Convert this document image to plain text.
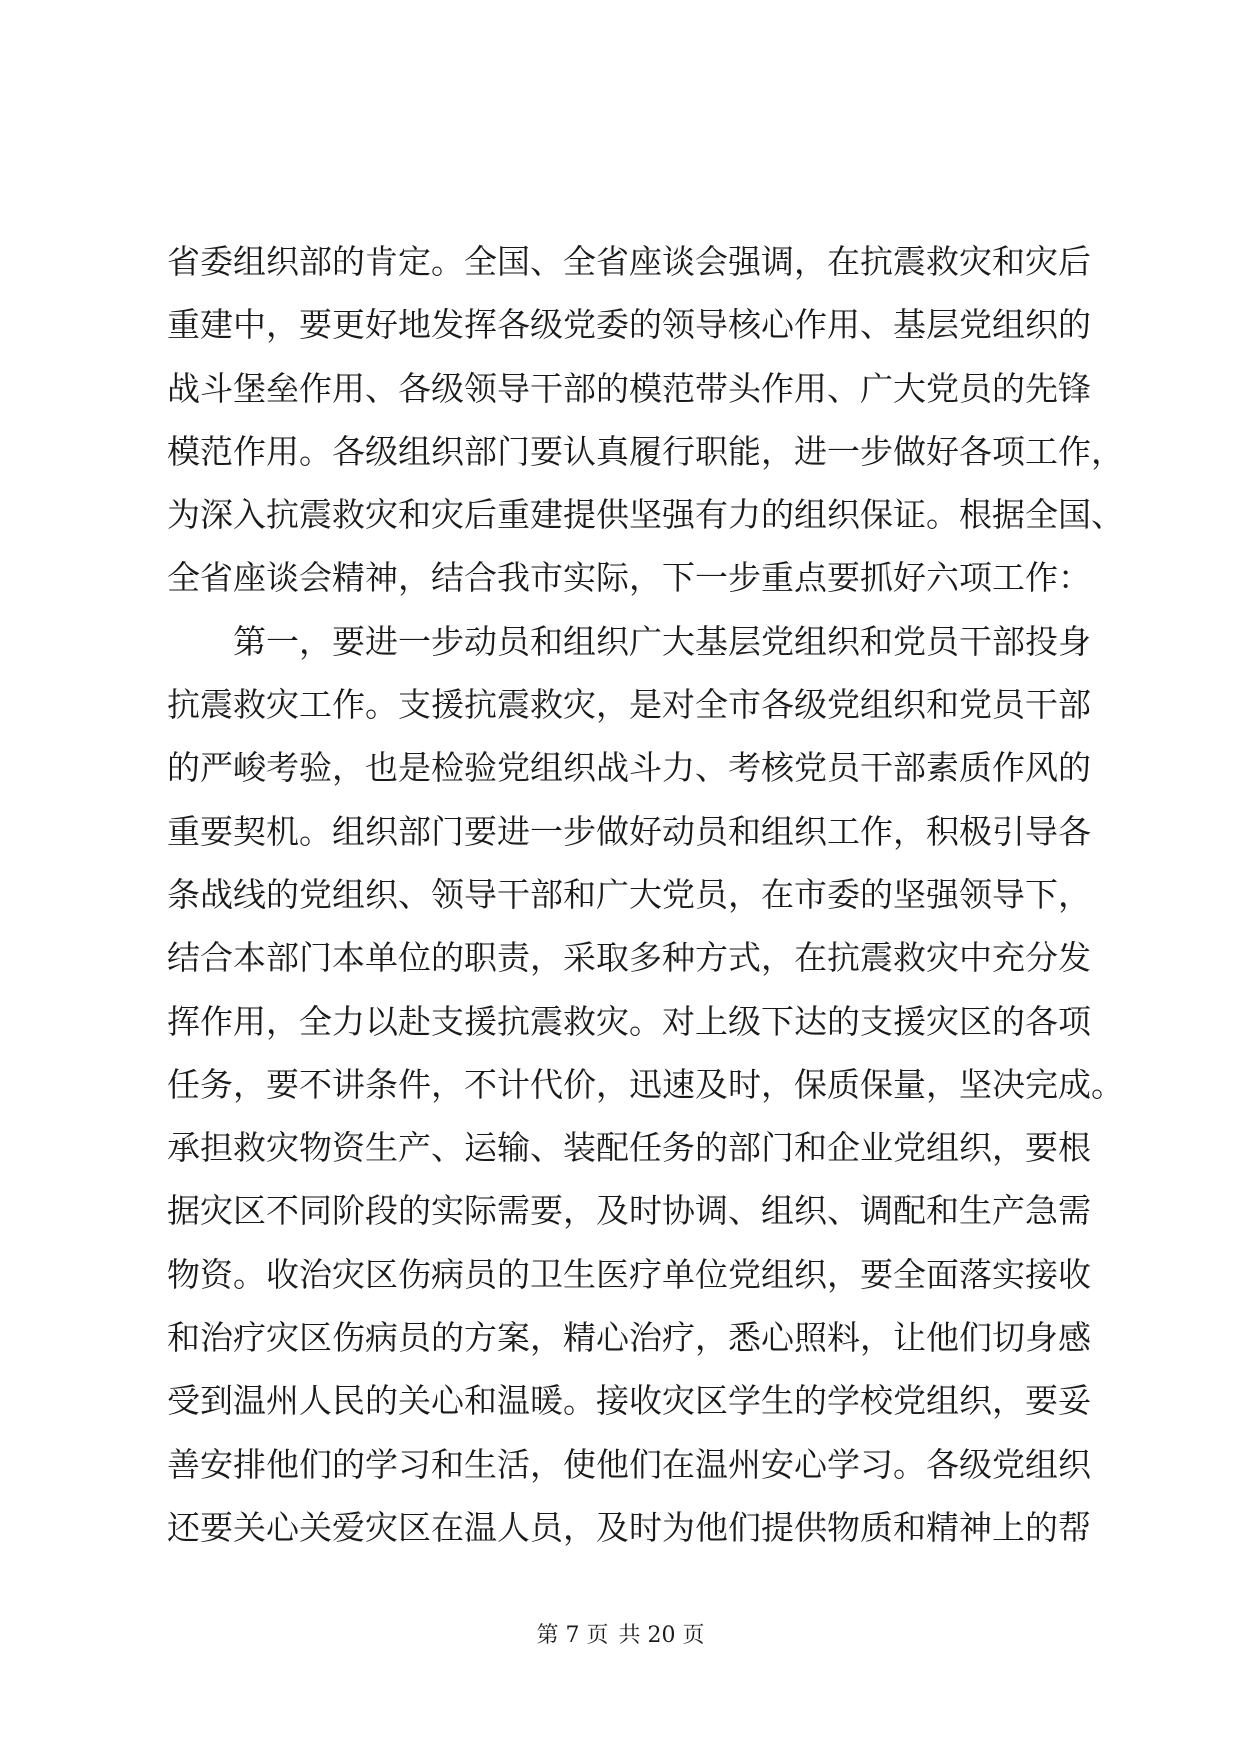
省委组织部的肯定。全国、全省座谈会强调，在抗震救灾和灾后
重建中，要更好地发挥各级党委的领导核心作用、基层党组织的
战斗堡垒作用、各级领导干部的模范带头作用、广大党员的先锋
模范作用。各级组织部门要认真履行职能，进一步做好各项工作，
为深入抗震救灾和灾后重建提供坚强有力的组织保证。根据全国、
全省座谈会精神，结合我市实际，下一步重点要抓好六项工作：
第一，要进一步动员和组织广大基层党组织和党员干部投身
抗震救灾工作。支援抗震救灾，是对全市各级党组织和党员干部
的严峻考验，也是检验党组织战斗力、考核党员干部素质作风的
重要契机。组织部门要进一步做好动员和组织工作，积极引导各
条战线的党组织、领导干部和广大党员，在市委的坚强领导下，
结合本部门本单位的职责，采取多种方式，在抗震救灾中充分发
挥作用，全力以赴支援抗震救灾。对上级下达的支援灾区的各项
任务，要不讲条件，不计代价，迅速及时，保质保量，坚决完成。
承担救灾物资生产、运输、装配任务的部门和企业党组织，要根
据灾区不同阶段的实际需要，及时协调、组织、调配和生产急需
物资。收治灾区伤病员的卫生医疗单位党组织，要全面落实接收
和治疗灾区伤病员的方案，精心治疗，悉心照料，让他们切身感
受到温州人民的关心和温暖。接收灾区学生的学校党组织，要妥
善安排他们的学习和生活，使他们在温州安心学习。各级党组织
还要关心关爱灾区在温人员，及时为他们提供物质和精神上的帮
第 7 页 共 20 页
